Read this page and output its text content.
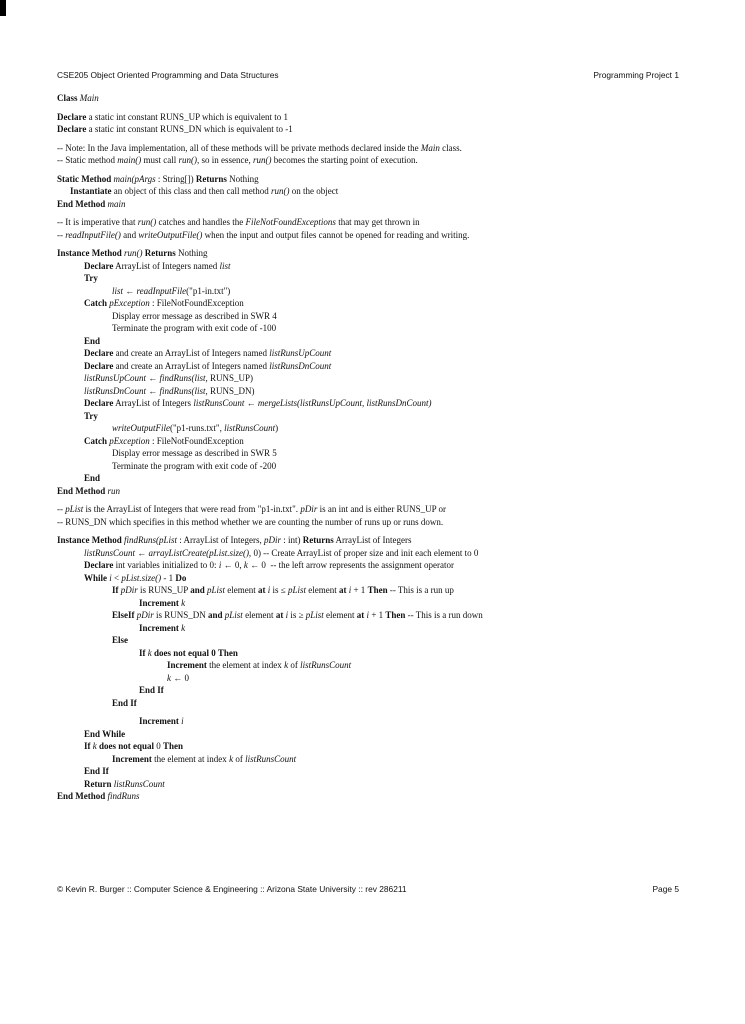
CSE205 Object Oriented Programming and Data Structures	Programming Project 1
Class Main
Declare a static int constant RUNS_UP which is equivalent to 1
Declare a static int constant RUNS_DN which is equivalent to -1
-- Note: In the Java implementation, all of these methods will be private methods declared inside the Main class.
-- Static method main() must call run(), so in essence, run() becomes the starting point of execution.
Static Method main(pArgs : String[]) Returns Nothing
Instantiate an object of this class and then call method run() on the object
End Method main
-- It is imperative that run() catches and handles the FileNotFoundExceptions that may get thrown in
-- readInputFile() and writeOutputFile() when the input and output files cannot be opened for reading and writing.
Instance Method run() Returns Nothing
Declare ArrayList of Integers named list
Try
list ← readInputFile("p1-in.txt")
Catch pException : FileNotFoundException
Display error message as described in SWR 4
Terminate the program with exit code of -100
End
Declare and create an ArrayList of Integers named listRunsUpCount
Declare and create an ArrayList of Integers named listRunsDnCount
listRunsUpCount ← findRuns(list, RUNS_UP)
listRunsDnCount ← findRuns(list, RUNS_DN)
Declare ArrayList of Integers listRunsCount ← mergeLists(listRunsUpCount, listRunsDnCount)
Try
writeOutputFile("p1-runs.txt", listRunsCount)
Catch pException : FileNotFoundException
Display error message as described in SWR 5
Terminate the program with exit code of -200
End
End Method run
-- pList is the ArrayList of Integers that were read from "p1-in.txt". pDir is an int and is either RUNS_UP or
-- RUNS_DN which specifies in this method whether we are counting the number of runs up or runs down.
Instance Method findRuns(pList : ArrayList of Integers, pDir : int) Returns ArrayList of Integers
listRunsCount ← arrayListCreate(pList.size(), 0) -- Create ArrayList of proper size and init each element to 0
Declare int variables initialized to 0: i ← 0, k ← 0  -- the left arrow represents the assignment operator
While i < pList.size() - 1 Do
If pDir is RUNS_UP and pList element at i is ≤ pList element at i + 1 Then -- This is a run up
Increment k
ElseIf pDir is RUNS_DN and pList element at i is ≥ pList element at i + 1 Then -- This is a run down
Increment k
Else
If k does not equal 0 Then
Increment the element at index k of listRunsCount
k ← 0
End If
End If
Increment i
End While
If k does not equal 0 Then
Increment the element at index k of listRunsCount
End If
Return listRunsCount
End Method findRuns
© Kevin R. Burger :: Computer Science & Engineering :: Arizona State University :: rev 286211	Page 5
